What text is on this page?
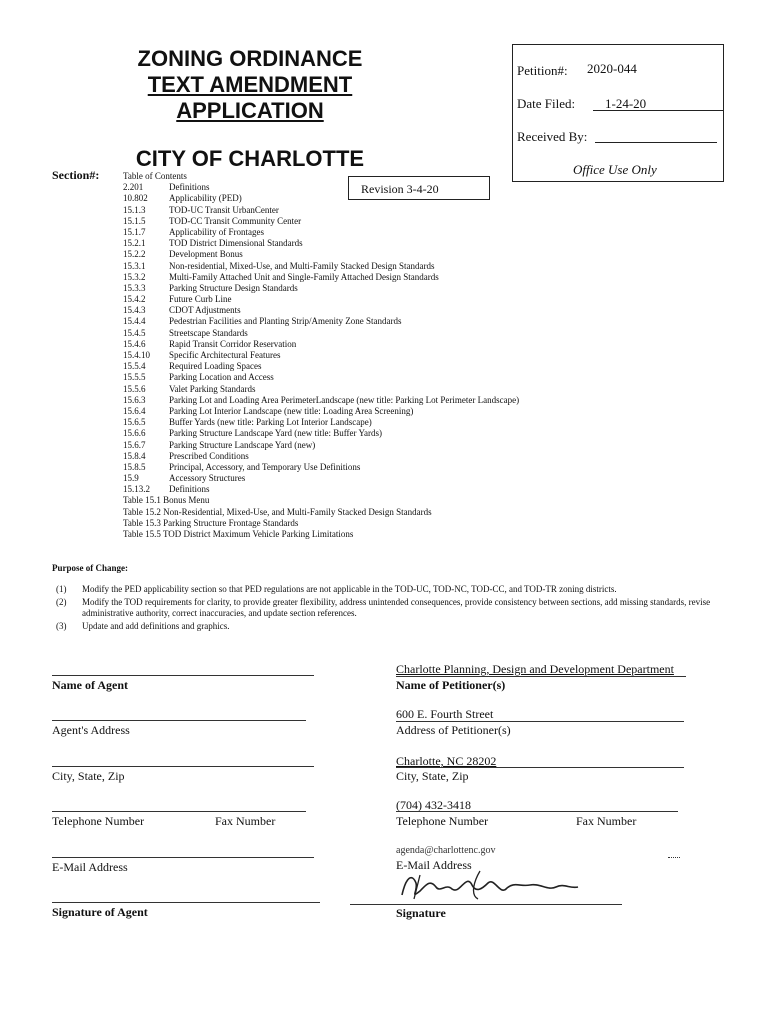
ZONING ORDINANCE
TEXT AMENDMENT
APPLICATION
CITY OF CHARLOTTE
Petition#: 2020-044
Date Filed: 1-24-20
Received By:
Office Use Only
Section#:
Revision 3-4-20
Table of Contents
2.201	Definitions
10.802 Applicability (PED)
15.1.3	TOD-UC Transit UrbanCenter
15.1.5	TOD-CC Transit Community Center
15.1.7	Applicability of Frontages
15.2.1	TOD District Dimensional Standards
15.2.2	Development Bonus
15.3.1	Non-residential, Mixed-Use, and Multi-Family Stacked Design Standards
15.3.2	Multi-Family Attached Unit and Single-Family Attached Design Standards
15.3.3	Parking Structure Design Standards
15.4.2	Future Curb Line
15.4.3	CDOT Adjustments
15.4.4	Pedestrian Facilities and Planting Strip/Amenity Zone Standards
15.4.5	Streetscape Standards
15.4.6	Rapid Transit Corridor Reservation
15.4.10 Specific Architectural Features
15.5.4	Required Loading Spaces
15.5.5	Parking Location and Access
15.5.6	Valet Parking Standards
15.6.3	Parking Lot and Loading Area PerimeterLandscape (new title: Parking Lot Perimeter Landscape)
15.6.4	Parking Lot Interior Landscape (new title: Loading Area Screening)
15.6.5	Buffer Yards (new title: Parking Lot Interior Landscape)
15.6.6	Parking Structure Landscape Yard (new title: Buffer Yards)
15.6.7	Parking Structure Landscape Yard (new)
15.8.4	Prescribed Conditions
15.8.5	Principal, Accessory, and Temporary Use Definitions
15.9	Accessory Structures
15.13.2 Definitions
Table 15.1 Bonus Menu
Table 15.2 Non-Residential, Mixed-Use, and Multi-Family Stacked Design Standards
Table 15.3 Parking Structure Frontage Standards
Table 15.5 TOD District Maximum Vehicle Parking Limitations
Purpose of Change:
(1) Modify the PED applicability section so that PED regulations are not applicable in the TOD-UC, TOD-NC, TOD-CC, and TOD-TR zoning districts.
(2) Modify the TOD requirements for clarity, to provide greater flexibility, address unintended consequences, provide consistency between sections, add missing standards, revise administrative authority, correct inaccuracies, and update section references.
(3) Update and add definitions and graphics.
Name of Agent
Agent's Address
City, State, Zip
Telephone Number	Fax Number
E-Mail Address
Signature of Agent
Charlotte Planning, Design and Development Department
Name of Petitioner(s)
600 E. Fourth Street
Address of Petitioner(s)
Charlotte, NC 28202
City, State, Zip
(704) 432-3418
Telephone Number	Fax Number
agenda@charlottenc.gov
E-Mail Address
Signature
